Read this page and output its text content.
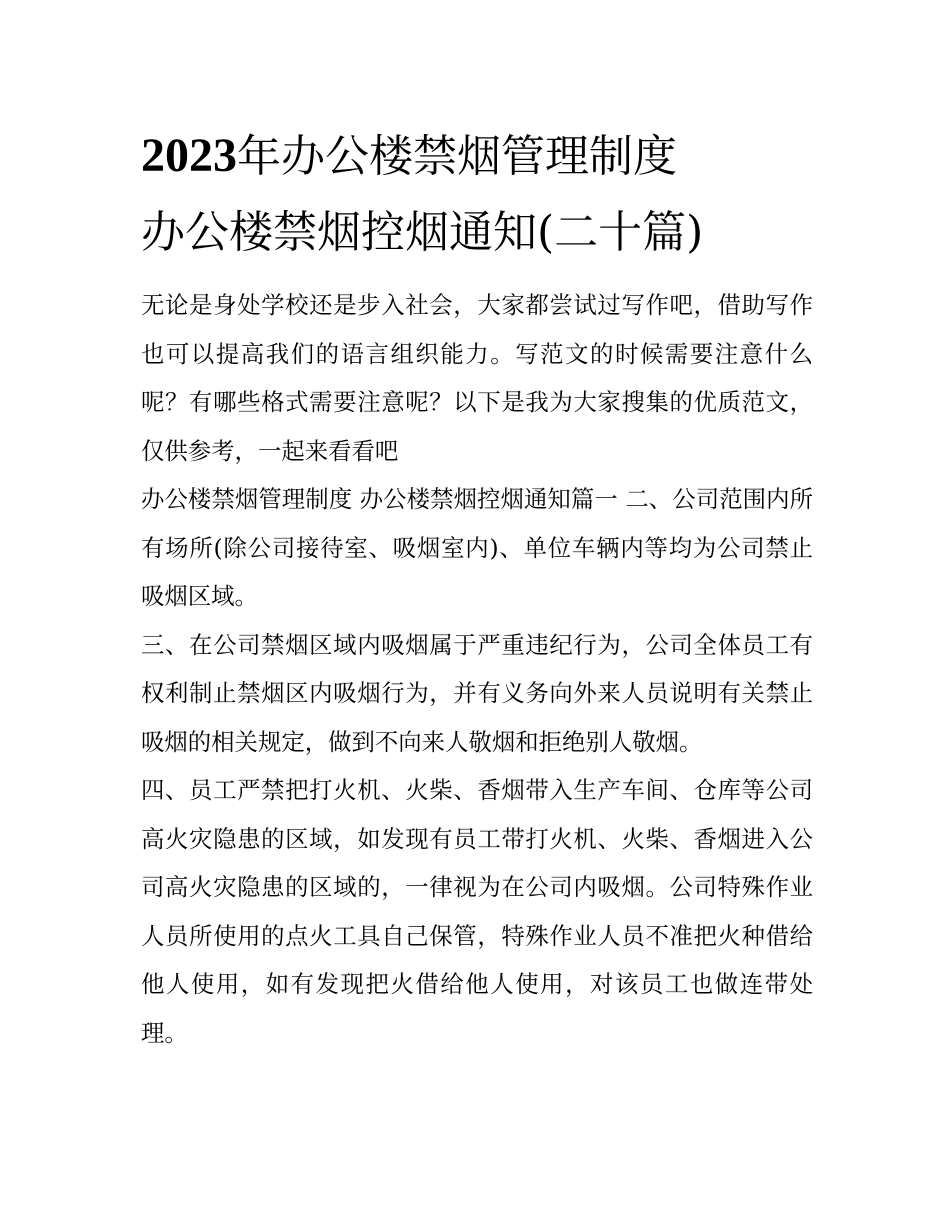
2023年办公楼禁烟管理制度
办公楼禁烟控烟通知(二十篇)

无论是身处学校还是步入社会，大家都尝试过写作吧，借助写作也可以提高我们的语言组织能力。写范文的时候需要注意什么呢？有哪些格式需要注意呢？以下是我为大家搜集的优质范文，仅供参考，一起来看看吧

办公楼禁烟管理制度 办公楼禁烟控烟通知篇一 二、公司范围内所有场所(除公司接待室、吸烟室内)、单位车辆内等均为公司禁止吸烟区域。

三、在公司禁烟区域内吸烟属于严重违纪行为，公司全体员工有权利制止禁烟区内吸烟行为，并有义务向外来人员说明有关禁止吸烟的相关规定，做到不向来人敬烟和拒绝别人敬烟。

四、员工严禁把打火机、火柴、香烟带入生产车间、仓库等公司高火灾隐患的区域，如发现有员工带打火机、火柴、香烟进入公司高火灾隐患的区域的，一律视为在公司内吸烟。公司特殊作业人员所使用的点火工具自己保管，特殊作业人员不准把火种借给他人使用，如有发现把火借给他人使用，对该员工也做连带处理。
